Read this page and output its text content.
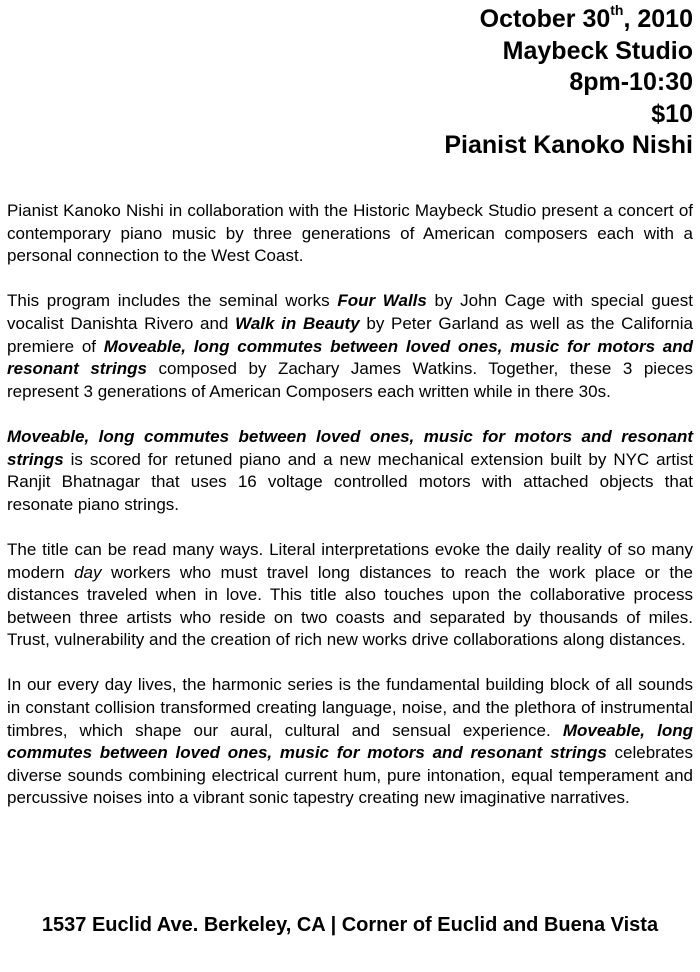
October 30th, 2010
Maybeck Studio
8pm-10:30
$10
Pianist Kanoko Nishi

Pianist Kanoko Nishi in collaboration with the Historic Maybeck Studio present a concert of contemporary piano music by three generations of American composers each with a personal connection to the West Coast.

This program includes the seminal works Four Walls by John Cage with special guest vocalist Danishta Rivero and Walk in Beauty by Peter Garland as well as the California premiere of Moveable, long commutes between loved ones, music for motors and resonant strings composed by Zachary James Watkins. Together, these 3 pieces represent 3 generations of American Composers each written while in there 30s.

Moveable, long commutes between loved ones, music for motors and resonant strings is scored for retuned piano and a new mechanical extension built by NYC artist Ranjit Bhatnagar that uses 16 voltage controlled motors with attached objects that resonate piano strings.

The title can be read many ways. Literal interpretations evoke the daily reality of so many modern day workers who must travel long distances to reach the work place or the distances traveled when in love. This title also touches upon the collaborative process between three artists who reside on two coasts and separated by thousands of miles. Trust, vulnerability and the creation of rich new works drive collaborations along distances.

In our every day lives, the harmonic series is the fundamental building block of all sounds in constant collision transformed creating language, noise, and the plethora of instrumental timbres, which shape our aural, cultural and sensual experience. Moveable, long commutes between loved ones, music for motors and resonant strings celebrates diverse sounds combining electrical current hum, pure intonation, equal temperament and percussive noises into a vibrant sonic tapestry creating new imaginative narratives.

1537 Euclid Ave. Berkeley, CA | Corner of Euclid and Buena Vista
